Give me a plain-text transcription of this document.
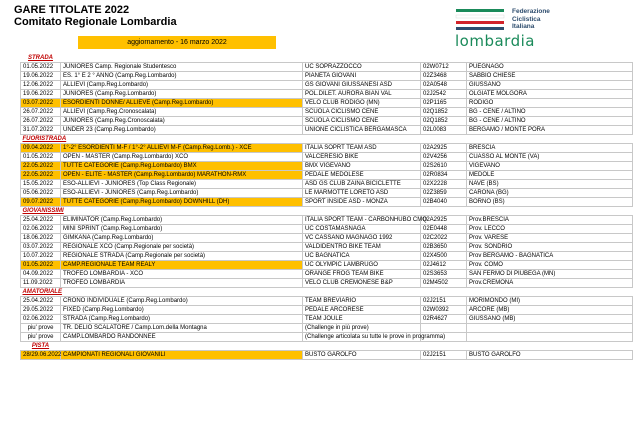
GARE TITOLATE 2022
Comitato Regionale Lombardia
Federazione
Ciclistica
Italiana
lombardia
aggiornamento - 16 marzo 2022
STRADA				
01.05.2022	JUNIORES Camp. Regionale Studentesco	UC SOPRAZZOCCO	02W0712	PUEGNAGO
19.06.2022	ES. 1° E 2 ° ANNO (Camp.Reg.Lombardo)	PIANETA GIOVANI	02Z3468	SABBIO CHIESE
12.06.2022	ALLIEVI (Camp.Reg.Lombardo)	GS GIOVANI GIUSSANESI ASD	02A0548	GIUSSANO
19.06.2022	JUNIORES (Camp.Reg.Lombardo)	POL.DILET. AURORA BIAN VAL	02J2542	OLGIATE MOLGORA
03.07.2022	ESORDIENTI DONNE/ ALLIEVE (Camp.Reg.Lombardo)	VELO CLUB RODIGO (MN)	02P1165	RODIGO
26.07.2022	ALLIEVI (Camp.Reg.Cronoscalata)	SCUOLA CICLISMO CENE	02Q1852	BG - CENE / ALTINO
26.07.2022	JUNIORES (Camp.Reg.Cronoscalata)	SCUOLA CICLISMO CENE	02Q1852	BG - CENE / ALTINO
31.07.2022	UNDER 23 (Camp.Reg.Lombardo)	UNIONE CICLISTICA BERGAMASCA	02L0083	BERGAMO / MONTE PORA
FUORISTRADA				
09.04.2022	1°-2° ESORDIENTI M-F / 1°-2° ALLIEVI M-F (Camp.Reg.Lomb.) - XCE	ITALIA SOPRT TEAM ASD	02A2925	BRESCIA
01.05.2022	OPEN - MASTER (Camp.Reg.Lombardo) XCO	VALCERESIO BIKE	02V4256	CUASSO AL MONTE (VA)
22.05.2022	TUTTE CATEGORIE (Camp.Reg.Lombardo) BMX	BMX VIGEVANO	02S2610	VIGEVANO
22.05.2022	OPEN - ELITE - MASTER (Camp.Reg.Lombardo) MARATHON-RMX	PEDALE MEDOLESE	02R0834	MEDOLE
15.05.2022	ESO-ALLIEVI - JUNIORES (Top Class Regionale)	ASD GS CLUB ZAINA BICICLETTE	02X2228	NAVE (BS)
05.06.2022	ESO-ALLIEVI - JUNIORES (Camp.Reg.Lombardo)	LE MARMOTTE LORETO ASD	02Z3859	CARONA (BG)
09.07.2022	TUTTE CATEGORIE (Camp.Reg.Lombardo) DOWNHILL (DH)	SPORT INSIDE ASD - MONZA	02B4040	BORNO (BS)
GIOVANISSIMI				
25.04.2022	ELIMINATOR (Camp.Reg.Lombardo)	ITALIA SPORT TEAM - CARBONHUBO CMQ	02A2925	Prov.BRESCIA
02.06.2022	MINI SPRINT (Camp.Reg.Lombardo)	UC COSTAMASNAGA	02E0448	Prov. LECCO
18.06.2022	GIMKANA (Camp.Reg.Lombardo)	VC CASSANO MAGNAGO 1992	02C2022	Prov. VARESE
03.07.2022	REGIONALE XCO (Camp.Regionale per società)	VALDIDENTRO BIKE TEAM	02B3650	Prov. SONDRIO
10.07.2022	REGIONALE STRADA (Camp.Regionale per società)	UC BAGNATICA	02X4500	Prov BERGAMO - BAGNATICA
01.05.2022	CAMP.REGIONALE TEAM REALY	UC OLYMPIC LAMBRUGO	02J4612	Prov. COMO
04.09.2022	TROFEO LOMBARDIA - XCO	ORANGE FROG TEAM BIKE	02S3653	SAN FERMO DI PIUBEGA (MN)
11.09.2022	TROFEO LOMBARDIA	VELO CLUB CREMONESE B&P	02M4502	Prov.CREMONA
AMATORIALE				
25.04.2022	CRONO INDIVIDUALE (Camp.Reg.Lombardo)	TEAM BREVIARIO	02J2151	MORIMONDO (MI)
29.05.2022	FIXED (Camp.Reg.Lombardo)	PEDALE ARCORESE	02W0392	ARCORE (MB)
02.06.2022	STRADA (Camp.Reg.Lombardo)	TEAM JOULE	02R4627	GIUSSANO (MB)
piu' prove	TR. DELIO SCALATORE / Camp.Lom.della Montagna	(Challenge in più prove)		
piu' prove	CAMP.LOMBARDO RANDONNEE	(Challenge articolata su tutte le prove in programma)		
PISTA				
28/29.06.2022	CAMPIONATI REGIONALI GIOVANILI	BUSTO GAROLFO	02J2151	BUSTO GAROLFO
